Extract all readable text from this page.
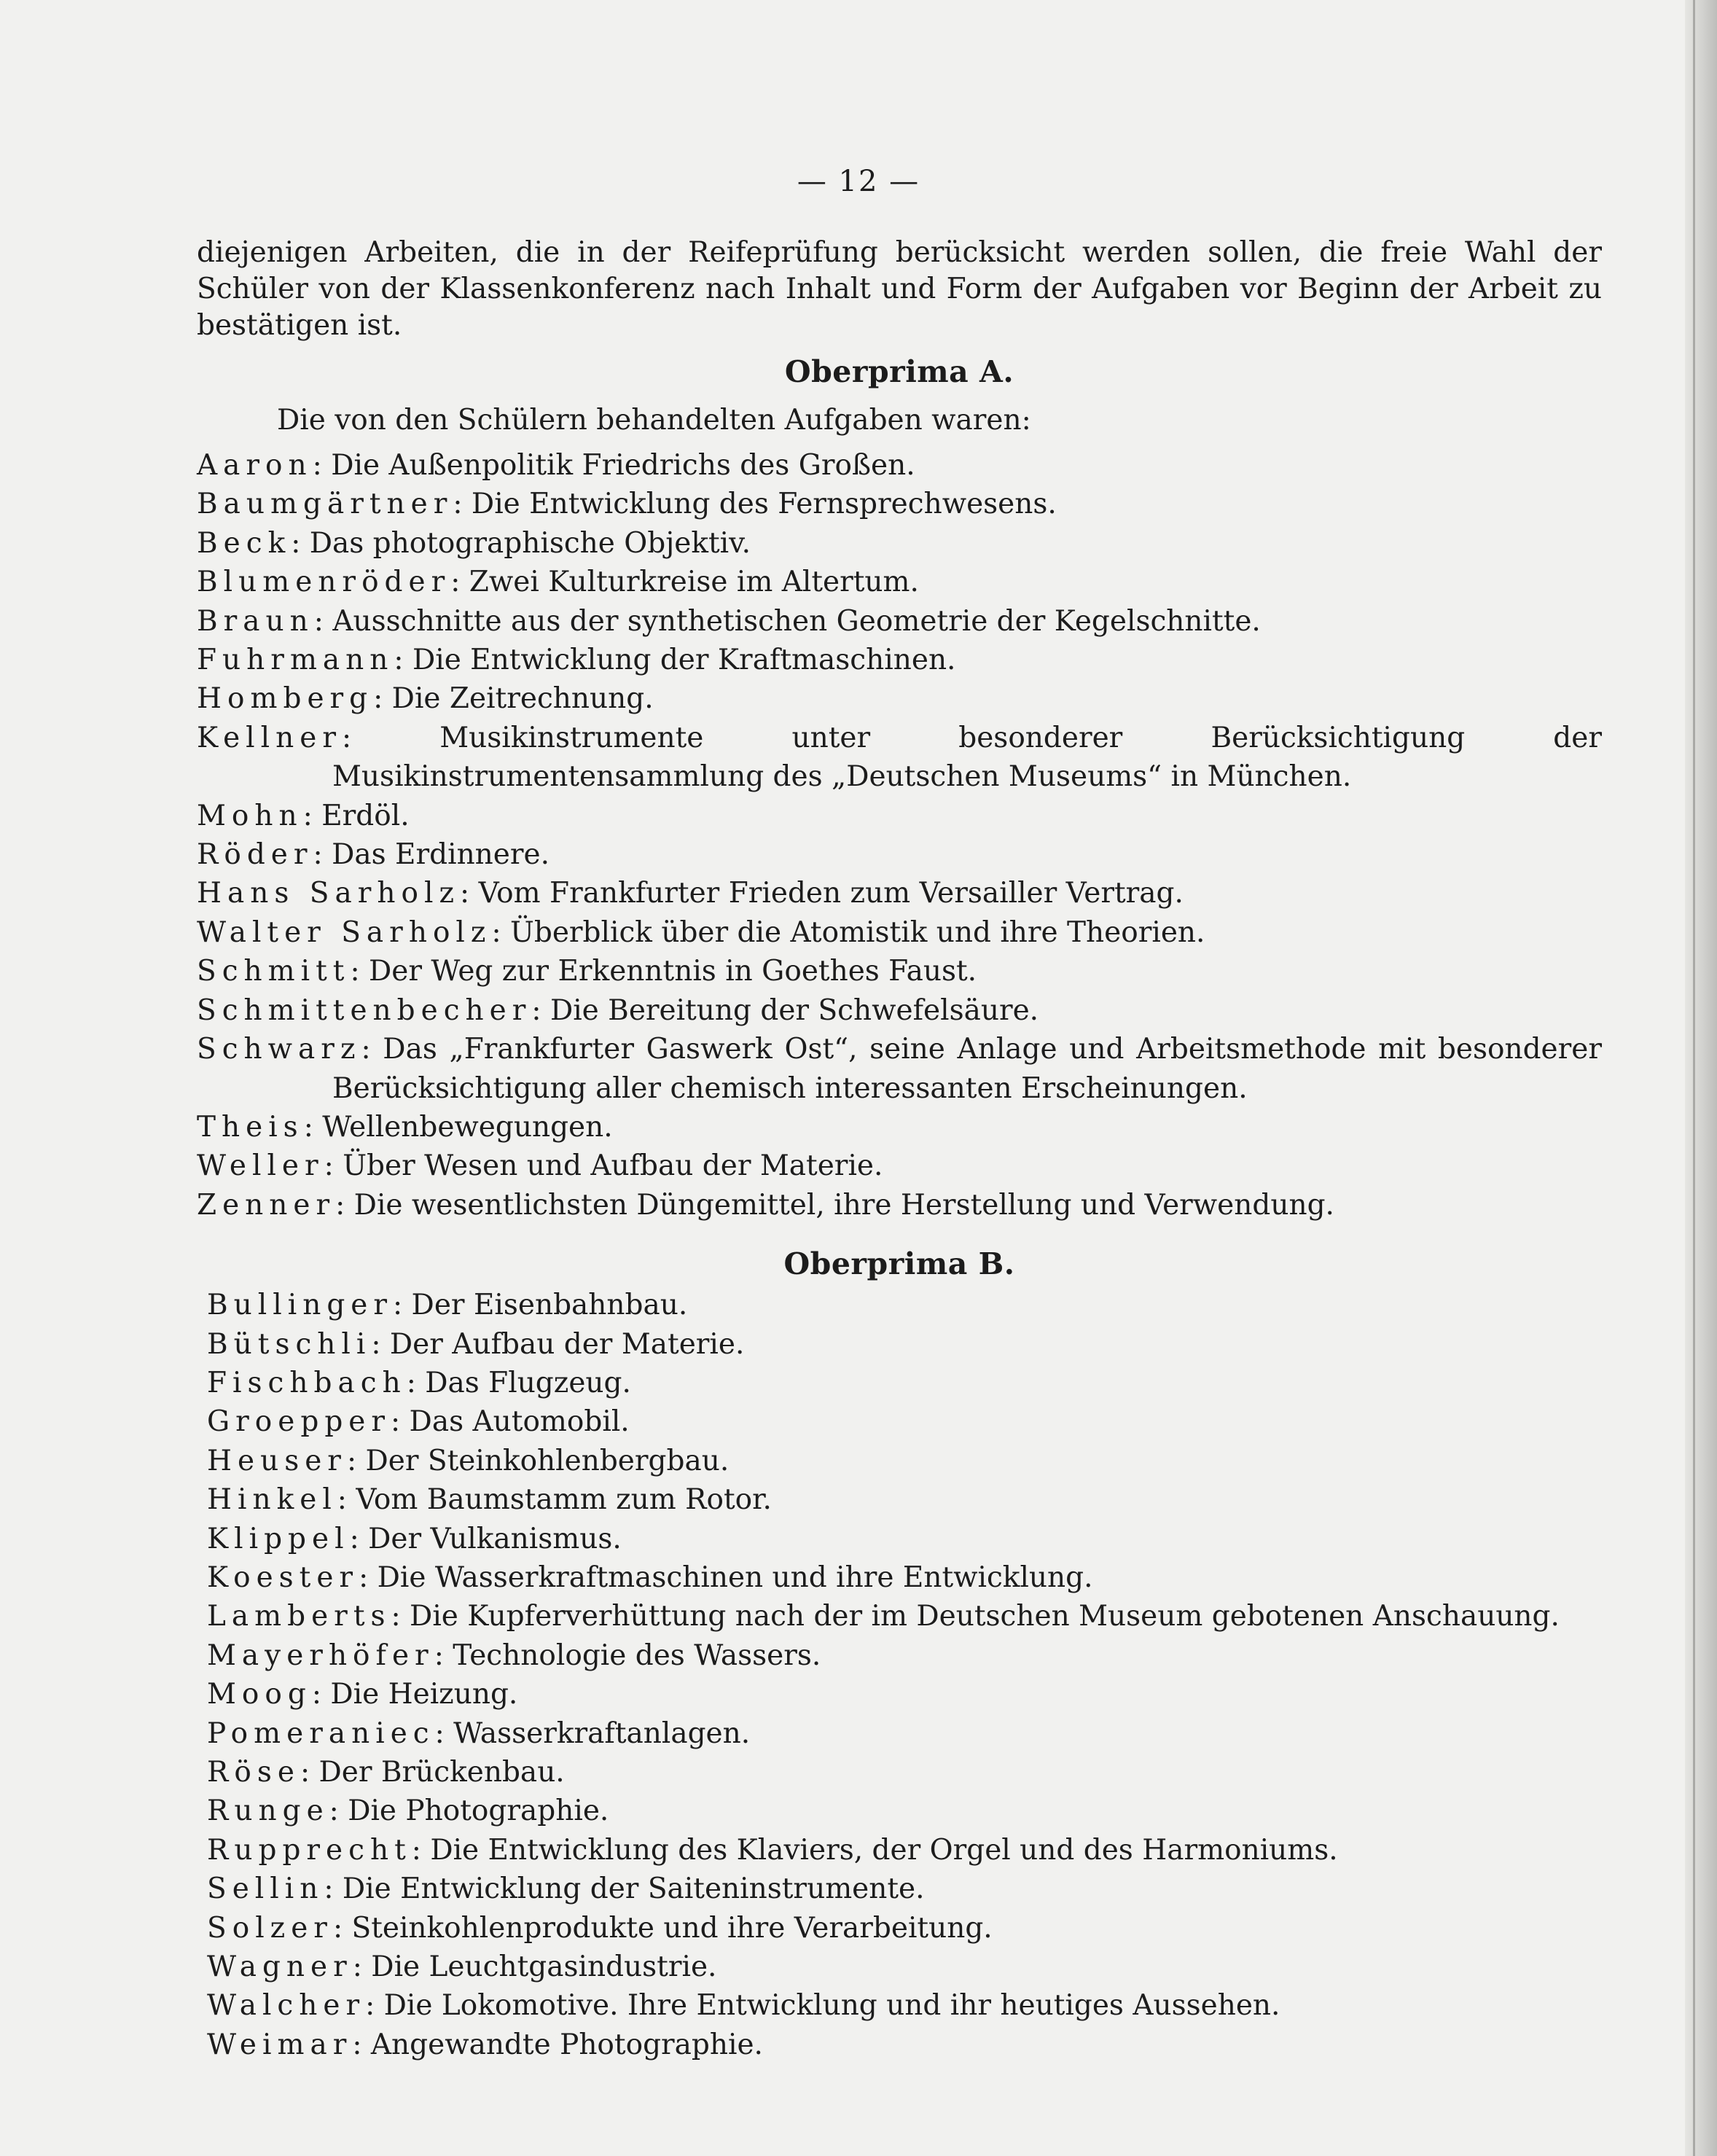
— 12 —

diejenigen Arbeiten, die in der Reifeprüfung berücksicht werden sollen, die freie Wahl der Schüler von der Klassenkonferenz nach Inhalt und Form der Aufgaben vor Beginn der Arbeit zu bestätigen ist.

Oberprima A.

Die von den Schülern behandelten Aufgaben waren:

Aaron: Die Außenpolitik Friedrichs des Großen.
Baumgärtner: Die Entwicklung des Fernsprechwesens.
Beck: Das photographische Objektiv.
Blumenröder: Zwei Kulturkreise im Altertum.
Braun: Ausschnitte aus der synthetischen Geometrie der Kegelschnitte.
Fuhrmann: Die Entwicklung der Kraftmaschinen.
Homberg: Die Zeitrechnung.
Kellner: Musikinstrumente unter besonderer Berücksichtigung der Musikinstrumentensammlung des „Deutschen Museums“ in München.
Mohn: Erdöl.
Röder: Das Erdinnere.
Hans Sarholz: Vom Frankfurter Frieden zum Versailler Vertrag.
Walter Sarholz: Überblick über die Atomistik und ihre Theorien.
Schmitt: Der Weg zur Erkenntnis in Goethes Faust.
Schmittenbecher: Die Bereitung der Schwefelsäure.
Schwarz: Das „Frankfurter Gaswerk Ost“, seine Anlage und Arbeitsmethode mit besonderer Berücksichtigung aller chemisch interessanten Erscheinungen.
Theis: Wellenbewegungen.
Weller: Über Wesen und Aufbau der Materie.
Zenner: Die wesentlichsten Düngemittel, ihre Herstellung und Verwendung.
Oberprima B.
Bullinger: Der Eisenbahnbau.
Bütschli: Der Aufbau der Materie.
Fischbach: Das Flugzeug.
Groepper: Das Automobil.
Heuser: Der Steinkohlenbergbau.
Hinkel: Vom Baumstamm zum Rotor.
Klippel: Der Vulkanismus.
Koester: Die Wasserkraftmaschinen und ihre Entwicklung.
Lamberts: Die Kupferverhüttung nach der im Deutschen Museum gebotenen Anschauung.
Mayerhöfer: Technologie des Wassers.
Moog: Die Heizung.
Pomeraniec: Wasserkraftanlagen.
Röse: Der Brückenbau.
Runge: Die Photographie.
Rupprecht: Die Entwicklung des Klaviers, der Orgel und des Harmoniums.
Sellin: Die Entwicklung der Saiteninstrumente.
Solzer: Steinkohlenprodukte und ihre Verarbeitung.
Wagner: Die Leuchtgasindustrie.
Walcher: Die Lokomotive. Ihre Entwicklung und ihr heutiges Aussehen.
Weimar: Angewandte Photographie.
